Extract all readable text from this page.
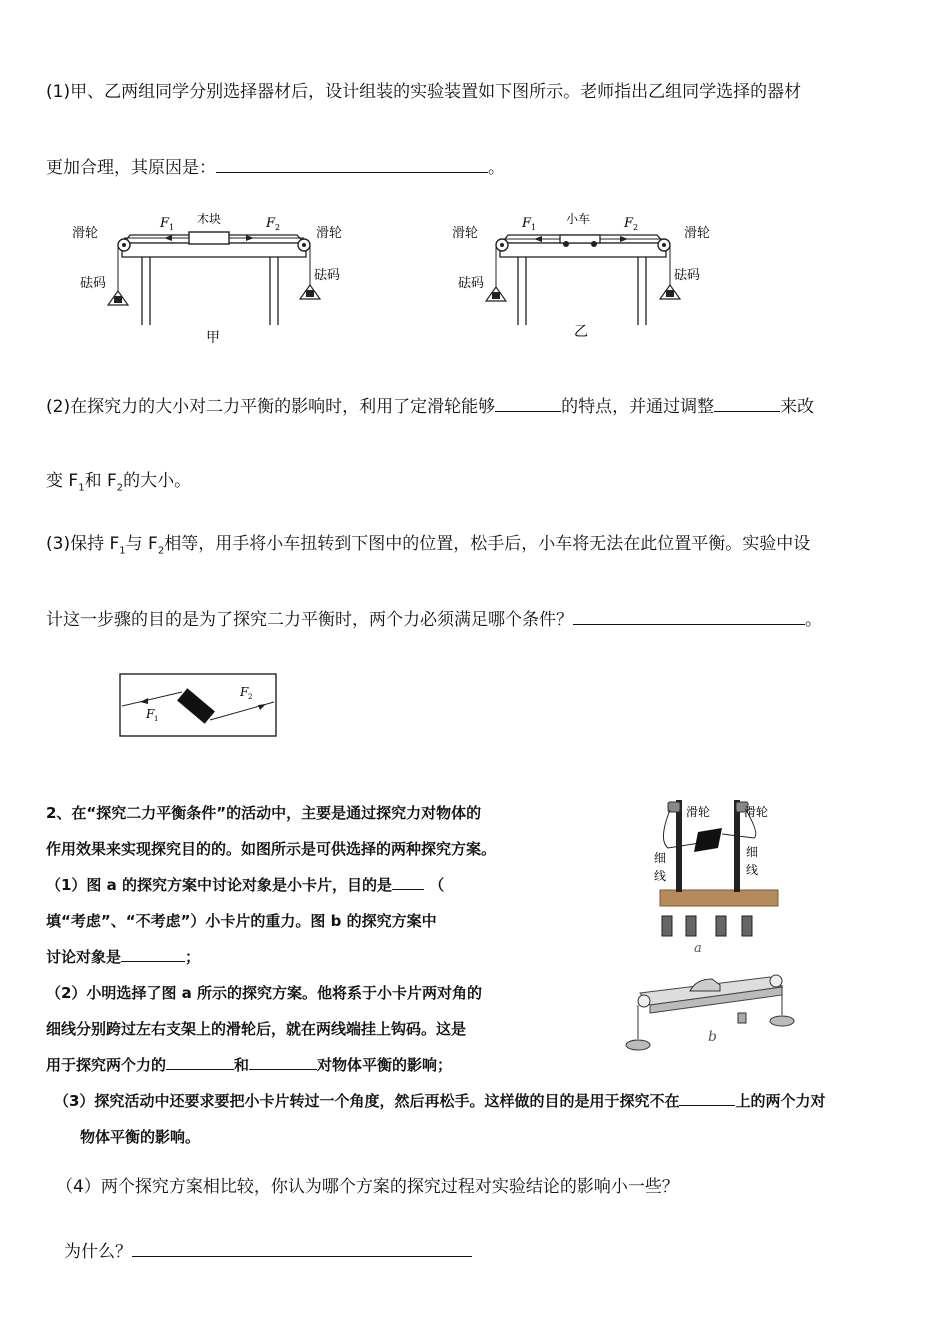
(1)甲、乙两组同学分别选择器材后，设计组装的实验装置如下图所示。老师指出乙组同学选择的器材
更加合理，其原因是：	。
滑轮	滑轮
砝码
砝码
木块
F 1	F 2
甲
滑轮	滑轮
砝码
砝码
小车
F 1	F 2
乙
(2)在探究力的大小对二力平衡的影响时，利用了定滑轮能够	的特点，并通过调整	来改
变 $F_1$和 $F_2$的大小。
(3)保持 $F_1$与 $F_2$相等，用手将小车扭转到下图中的位置，松手后，小车将无法在此位置平衡。实验中设
计这一步骤的目的是为了探究二力平衡时，两个力必须满足哪个条件？	。
F 1
F 2
2、在“探究二力平衡条件”的活动中，主要是通过探究力对物体的
作用效果来实现探究目的的。如图所示是可供选择的两种探究方案。
（1）图 a 的探究方案中讨论对象是小卡片，目的是 （
填“考虑”、“不考虑”）小卡片的重力。图 b 的探究方案中
讨论对象是	；
（2）小明选择了图 a 所示的探究方案。他将系于小卡片两对角的
细线分别跨过左右支架上的滑轮后，就在两线端挂上钩码。这是
用于探究两个力的	和	对物体平衡的影响；
（3）探究活动中还要求要把小卡片转过一个角度，然后再松手。这样做的目的是用于探究不在	上的两个力对
物体平衡的影响。
（4）两个探究方案相比较，你认为哪个方案的探究过程对实验结论的影响小一些？
为什么？
滑轮	滑轮
细
线
细
线
a
b
